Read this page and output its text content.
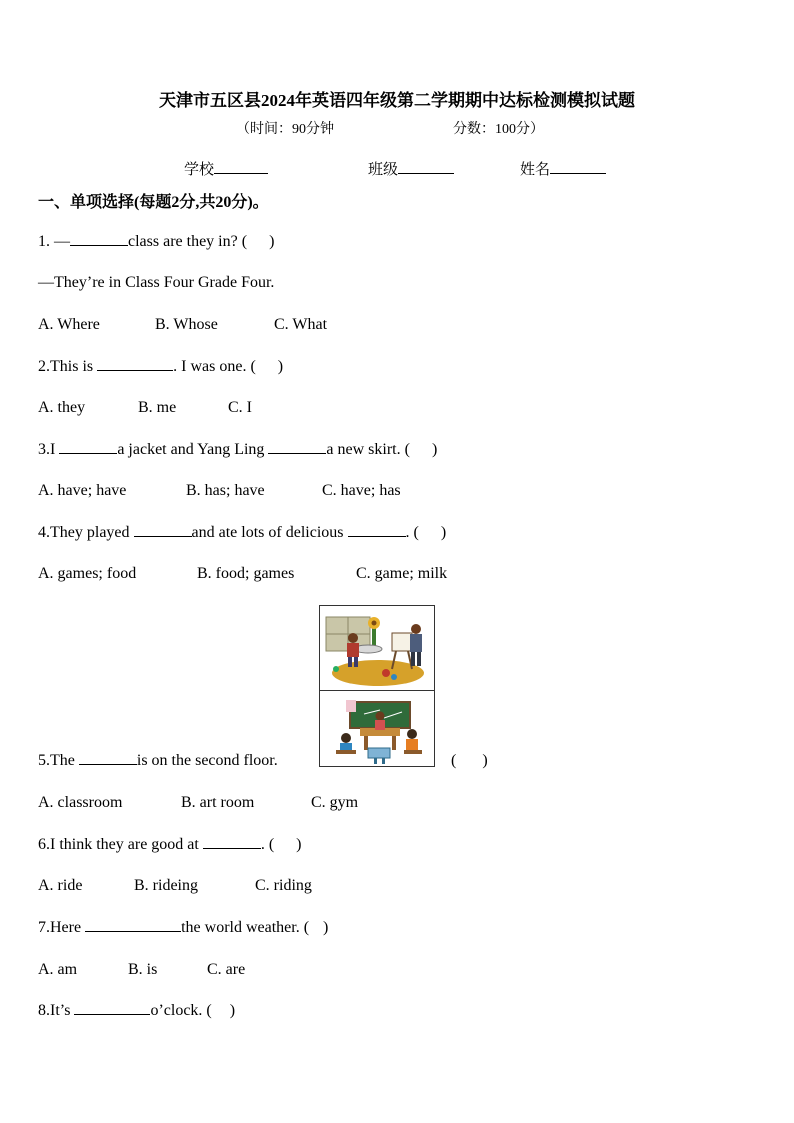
天津市五区县2024年英语四年级第二学期期中达标检测模拟试题
（时间：90分钟	分数：100分）
学校	班级	姓名
一、单项选择(每题2分,共20分)。
1. —	class are they in? ( )
—They’re in Class Four Grade Four.
A. Where	B. Whose	C. What
2.This is	. I was one. ( )
A. they	B. me	C. I
3.I	a jacket and Yang Ling	a new skirt. ( )
A. have; have	B. has; have	C. have; has
4.They played	and ate lots of delicious	. ( )
A. games; food	B. food; games	C. game; milk
5.The	is on the second floor.	( )
A. classroom	B. art room	C. gym
6.I think they are good at	. ( )
A. ride	B. rideing	C. riding
7.Here	the world weather. ( )
A. am	B. is	C. are
8.It’s	o’clock. ( )
